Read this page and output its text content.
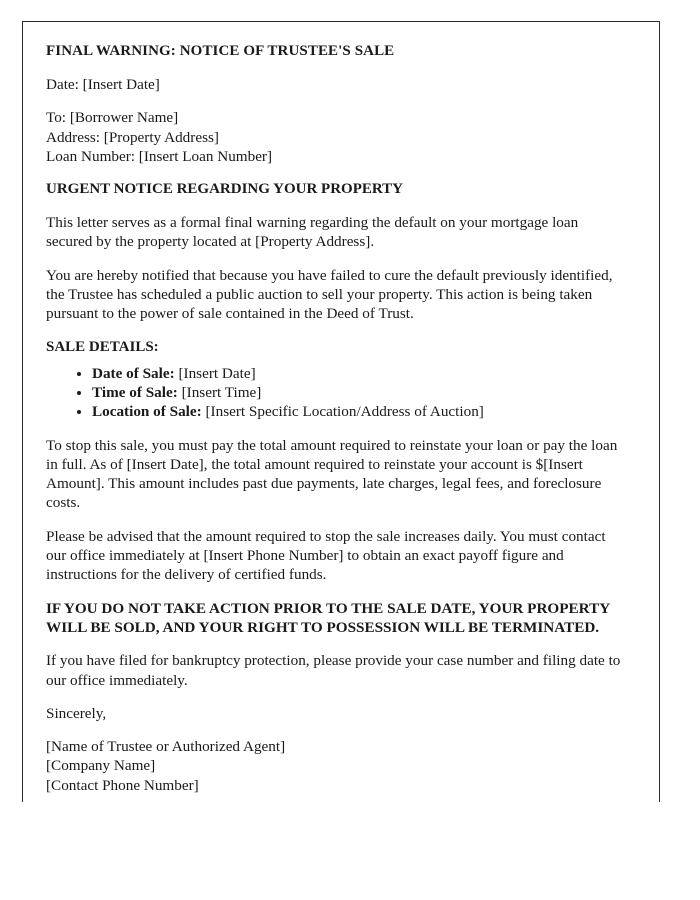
FINAL WARNING: NOTICE OF TRUSTEE'S SALE
Date: [Insert Date]
To: [Borrower Name]
Address: [Property Address]
Loan Number: [Insert Loan Number]
URGENT NOTICE REGARDING YOUR PROPERTY
This letter serves as a formal final warning regarding the default on your mortgage loan secured by the property located at [Property Address].
You are hereby notified that because you have failed to cure the default previously identified, the Trustee has scheduled a public auction to sell your property. This action is being taken pursuant to the power of sale contained in the Deed of Trust.
SALE DETAILS:
• Date of Sale: [Insert Date]
• Time of Sale: [Insert Time]
• Location of Sale: [Insert Specific Location/Address of Auction]
To stop this sale, you must pay the total amount required to reinstate your loan or pay the loan in full. As of [Insert Date], the total amount required to reinstate your account is $[Insert Amount]. This amount includes past due payments, late charges, legal fees, and foreclosure costs.
Please be advised that the amount required to stop the sale increases daily. You must contact our office immediately at [Insert Phone Number] to obtain an exact payoff figure and instructions for the delivery of certified funds.
IF YOU DO NOT TAKE ACTION PRIOR TO THE SALE DATE, YOUR PROPERTY WILL BE SOLD, AND YOUR RIGHT TO POSSESSION WILL BE TERMINATED.
If you have filed for bankruptcy protection, please provide your case number and filing date to our office immediately.
Sincerely,
[Name of Trustee or Authorized Agent]
[Company Name]
[Contact Phone Number]
